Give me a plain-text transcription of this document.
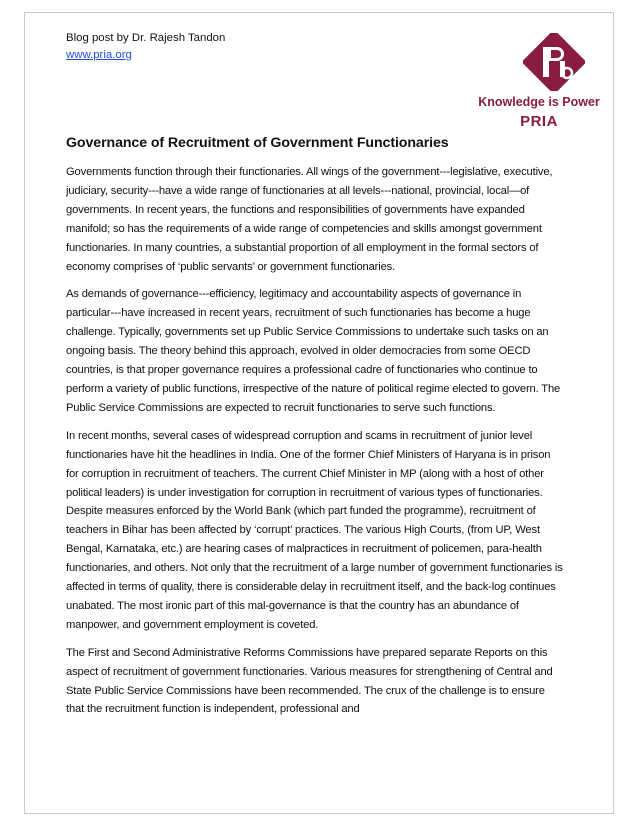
Blog post by Dr. Rajesh Tandon
www.pria.org
Knowledge is Power
PRIA
Governance of Recruitment of Government Functionaries

Governments function through their functionaries. All wings of the government---legislative, executive, judiciary, security---have a wide range of functionaries at all levels---national, provincial, local—of governments. In recent years, the functions and responsibilities of governments have expanded manifold; so has the requirements of a wide range of competencies and skills amongst government functionaries. In many countries, a substantial proportion of all employment in the formal sectors of economy comprises of ‘public servants’ or government functionaries.

As demands of governance---efficiency, legitimacy and accountability aspects of governance in particular---have increased in recent years, recruitment of such functionaries has become a huge challenge. Typically, governments set up Public Service Commissions to undertake such tasks on an ongoing basis. The theory behind this approach, evolved in older democracies from some OECD countries, is that proper governance requires a professional cadre of functionaries who continue to perform a variety of public functions, irrespective of the nature of political regime elected to govern. The Public Service Commissions are expected to recruit functionaries to serve such functions.

In recent months, several cases of widespread corruption and scams in recruitment of junior level functionaries have hit the headlines in India. One of the former Chief Ministers of Haryana is in prison for corruption in recruitment of teachers. The current Chief Minister in MP (along with a host of other political leaders) is under investigation for corruption in recruitment of various types of functionaries. Despite measures enforced by the World Bank (which part funded the programme), recruitment of teachers in Bihar has been affected by ‘corrupt’ practices. The various High Courts, (from UP, West Bengal, Karnataka, etc.) are hearing cases of malpractices in recruitment of policemen, para-health functionaries, and others. Not only that the recruitment of a large number of government functionaries is affected in terms of quality, there is considerable delay in recruitment itself, and the back-log continues unabated. The most ironic part of this mal-governance is that the country has an abundance of manpower, and government employment is coveted.

The First and Second Administrative Reforms Commissions have prepared separate Reports on this aspect of recruitment of government functionaries. Various measures for strengthening of Central and State Public Service Commissions have been recommended. The crux of the challenge is to ensure that the recruitment function is independent, professional and
